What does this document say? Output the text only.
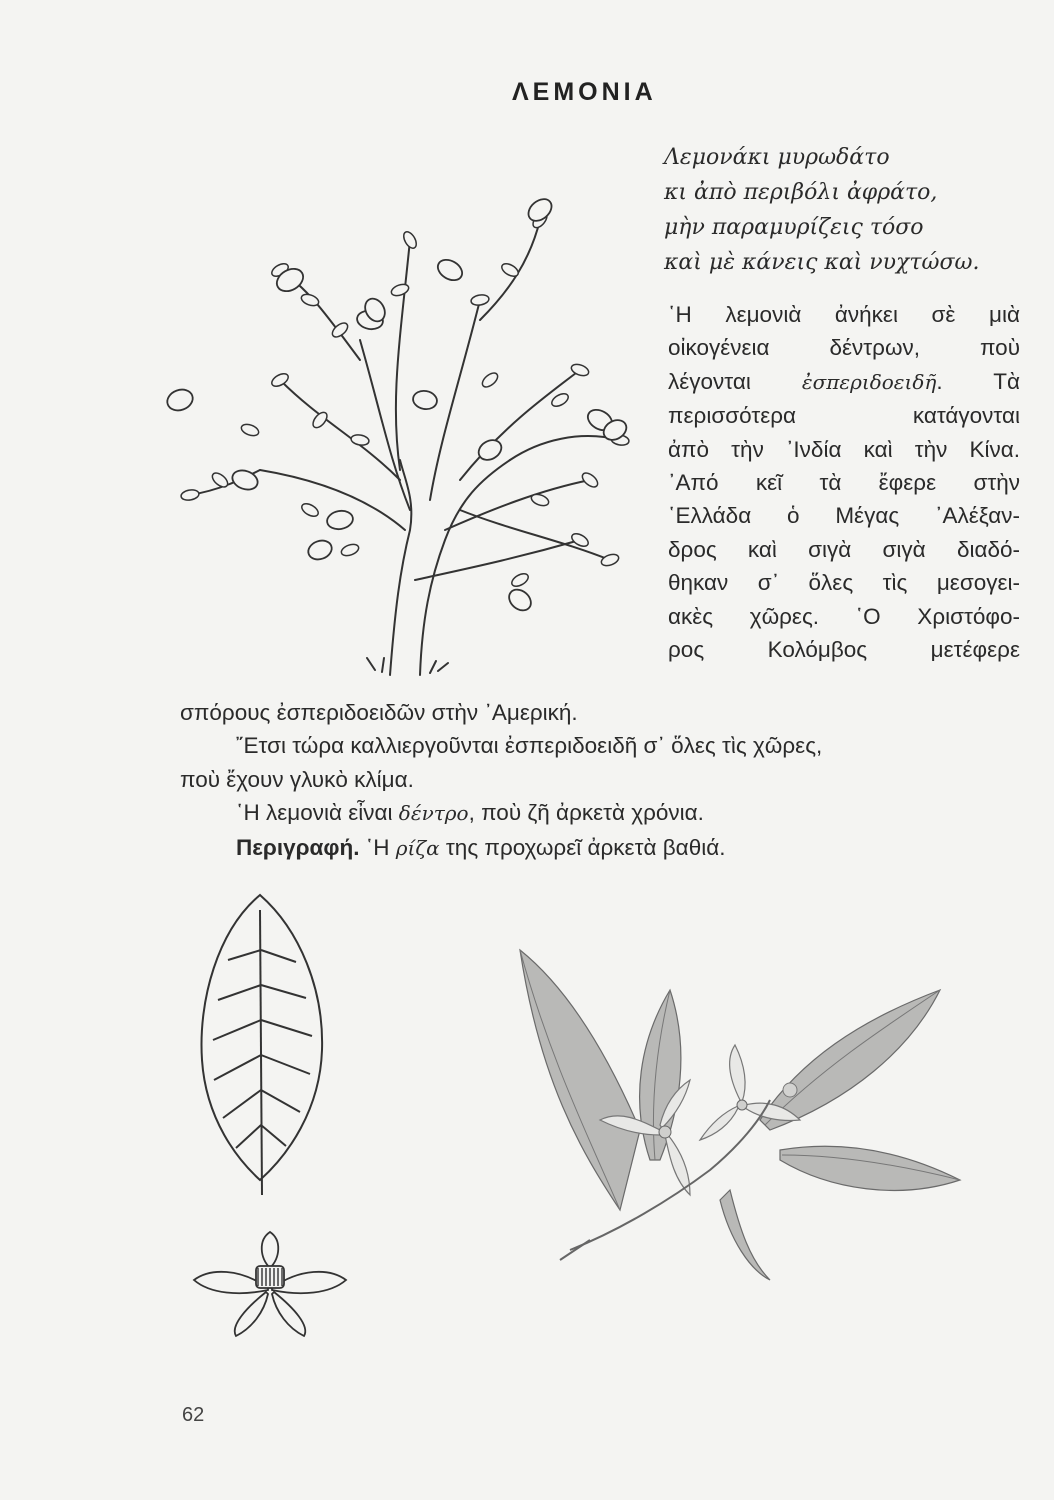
ΛΕΜΟΝΙΑ
Λεμονάκι μυρωδάτο
κι ἀπὸ περιβόλι ἀφράτο,
μὴν παραμυρίζεις τόσο
καὶ μὲ κάνεις καὶ νυχτώσω.
῾Η λεμονιὰ ἀνήκει σὲ μιὰ
οἰκογένεια δέντρων, ποὺ
λέγονται ἐσπεριδοειδῆ. Τὰ
περισσότερα κατάγονται
ἀπὸ τὴν ᾿Ινδία καὶ τὴν Κίνα.
᾿Από κεῖ τὰ ἔφερε στὴν
῾Ελλάδα ὁ Μέγας ᾿Αλέξαν-
δρος καὶ σιγὰ σιγὰ διαδό-
θηκαν σ᾿ ὅλες τὶς μεσογει-
ακὲς χῶρες. ῾Ο Χριστόφο-
ρος Κολόμβος μετέφερε
σπόρους ἐσπεριδοειδῶν στὴν ᾿Αμερική.
῎Ετσι τώρα καλλιεργοῦνται ἐσπεριδοειδῆ σ᾿ ὅλες τὶς χῶρες,
ποὺ ἔχουν γλυκὸ κλίμα.
῾Η λεμονιὰ εἶναι δέντρο, ποὺ ζῆ ἀρκετὰ χρόνια.
Περιγραφή. ῾Η ρίζα της προχωρεῖ ἀρκετὰ βαθιά.
62
